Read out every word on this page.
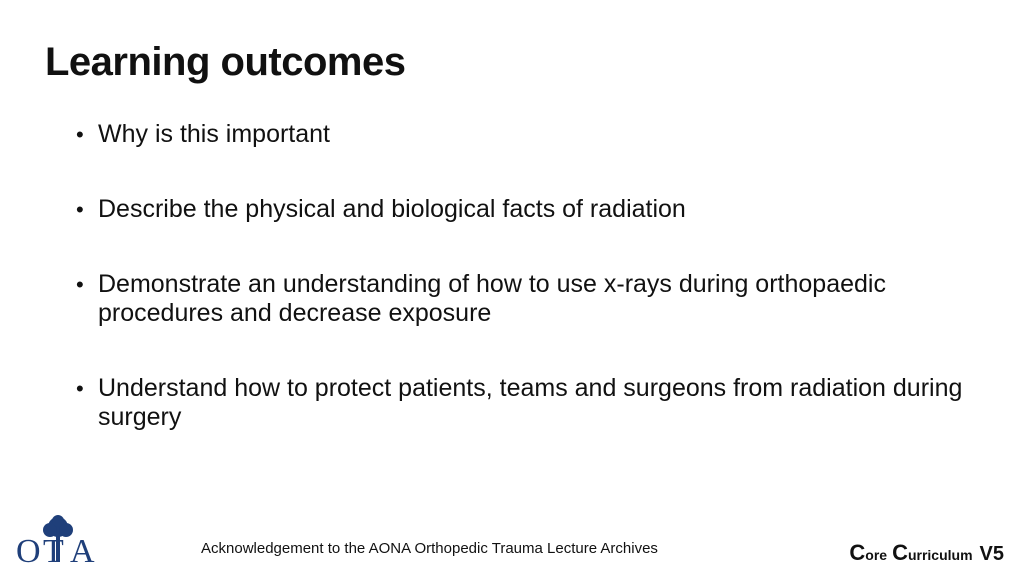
Learning outcomes
• Why is this important
• Describe the physical and biological facts of radiation
• Demonstrate an understanding of how to use x-rays during orthopaedic procedures and decrease exposure
• Understand how to protect patients, teams and surgeons from radiation during surgery
O T A	Acknowledgement to the AONA Orthopedic Trauma Lecture Archives	C ore C urriculum V5
